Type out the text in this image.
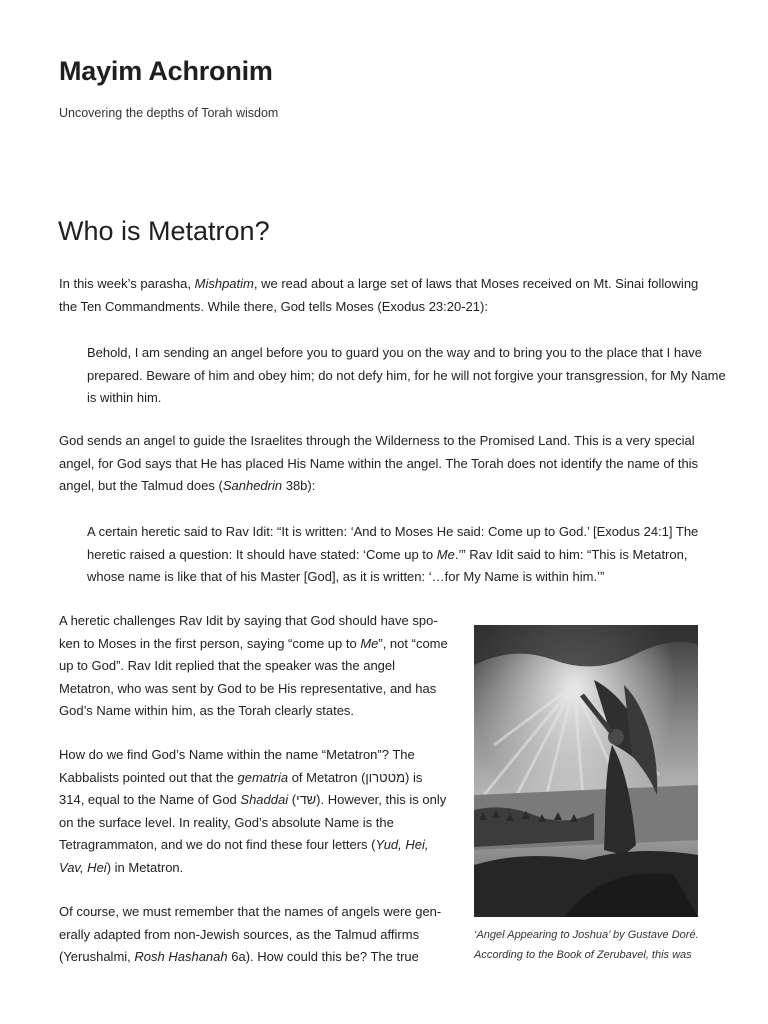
Mayim Achronim

Uncovering the depths of Torah wisdom

Who is Metatron?

In this week’s parasha, Mishpatim, we read about a large set of laws that Moses received on Mt. Sinai following the Ten Commandments. While there, God tells Moses (Exodus 23:20-21):

Behold, I am sending an angel before you to guard you on the way and to bring you to the place that I have prepared. Beware of him and obey him; do not defy him, for he will not forgive your transgression, for My Name is within him.

God sends an angel to guide the Israelites through the Wilderness to the Promised Land. This is a very special angel, for God says that He has placed His Name within the angel. The Torah does not identify the name of this angel, but the Talmud does (Sanhedrin 38b):

A certain heretic said to Rav Idit: “It is written: ‘And to Moses He said: Come up to God.’ [Exodus 24:1] The heretic raised a question: It should have stated: ‘Come up to Me.’” Rav Idit said to him: “This is Metatron, whose name is like that of his Master [God], as it is written: ‘…for My Name is within him.’”

A heretic challenges Rav Idit by saying that God should have spo-ken to Moses in the first person, saying “come up to Me”, not “come up to God”. Rav Idit replied that the speaker was the angel Metatron, who was sent by God to be His representative, and has God’s Name within him, as the Torah clearly states.

How do we find God’s Name within the name “Metatron”? The Kabbalists pointed out that the gematria of Metatron (מטטרון) is 314, equal to the Name of God Shaddai (שדי). However, this is only on the surface level. In reality, God’s absolute Name is the Tetragrammaton, and we do not find these four letters (Yud, Hei, Vav, Hei) in Metatron.

Of course, we must remember that the names of angels were gen-erally adapted from non-Jewish sources, as the Talmud affirms (Yerushalmi, Rosh Hashanah 6a). How could this be? The true

‘Angel Appearing to Joshua’ by Gustave Doré. According to the Book of Zerubavel, this was
